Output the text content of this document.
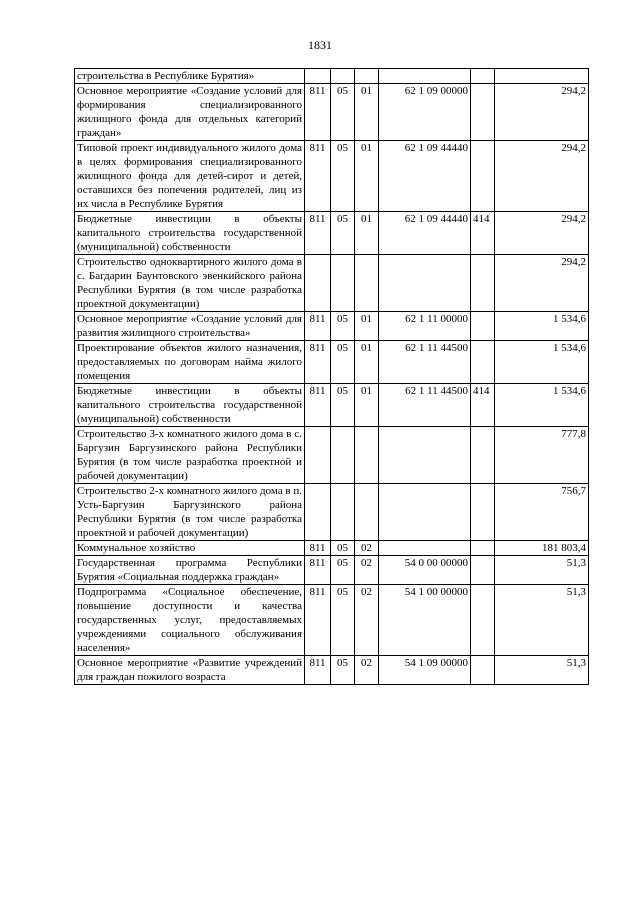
1831
строительства в Республике Бурятия»						
Основное мероприятие «Создание условий для формирования специализированного жилищного фонда для отдельных категорий граждан»	811	05	01	62 1 09 00000		294,2
Типовой проект индивидуального жилого дома в целях формирования специализированного жилищного фонда для детей-сирот и детей, оставшихся без попечения родителей, лиц из их числа в Республике Бурятия	811	05	01	62 1 09 44440		294,2
Бюджетные инвестиции в объекты капитального строительства государственной (муниципальной) собственности	811	05	01	62 1 09 44440	414	294,2
Строительство одноквартирного жилого дома в с. Багдарин Баунтовского эвенкийского района Республики Бурятия (в том числе разработка проектной документации)						294,2
Основное мероприятие «Создание условий для развития жилищного строительства»	811	05	01	62 1 11 00000		1 534,6
Проектирование объектов жилого назначения, предоставляемых по договорам найма жилого помещения	811	05	01	62 1 11 44500		1 534,6
Бюджетные инвестиции в объекты капитального строительства государственной (муниципальной) собственности	811	05	01	62 1 11 44500	414	1 534,6
Строительство 3-х комнатного жилого дома в с. Баргузин Баргузинского района Республики Бурятия (в том числе разработка проектной и рабочей документации)						777,8
Строительство 2-х комнатного жилого дома в п. Усть-Баргузин Баргузинского района Республики Бурятия (в том числе разработка проектной и рабочей документации)						756,7
Коммунальное хозяйство	811	05	02			181 803,4
Государственная программа Республики Бурятия «Социальная поддержка граждан»	811	05	02	54 0 00 00000		51,3
Подпрограмма «Социальное обеспечение, повышение доступности и качества государственных услуг, предоставляемых учреждениями социального обслуживания населения»	811	05	02	54 1 00 00000		51,3
Основное мероприятие «Развитие учреждений для граждан пожилого возраста	811	05	02	54 1 09 00000		51,3
